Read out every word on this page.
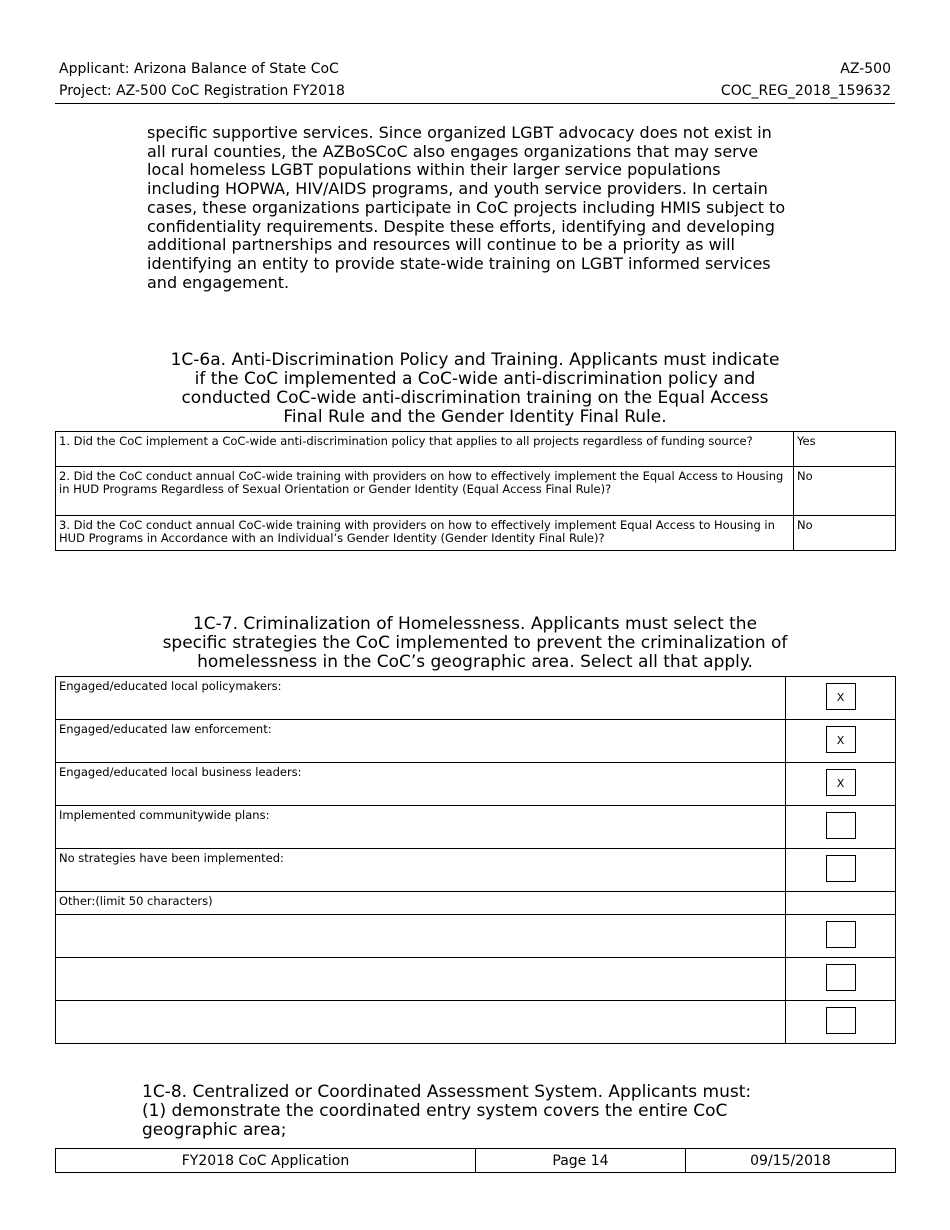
Applicant: Arizona Balance of State CoC
Project: AZ-500 CoC Registration FY2018
AZ-500
COC_REG_2018_159632
specific supportive services. Since organized LGBT advocacy does not exist in
all rural counties, the AZBoSCoC also engages organizations that may serve
local homeless LGBT populations within their larger service populations
including HOPWA, HIV/AIDS programs, and youth service providers. In certain
cases, these organizations participate in CoC projects including HMIS subject to
confidentiality requirements. Despite these efforts, identifying and developing
additional partnerships and resources will continue to be a priority as will
identifying an entity to provide state-wide training on LGBT informed services
and engagement.
1C-6a. Anti-Discrimination Policy and Training. Applicants must indicate
if the CoC implemented a CoC-wide anti-discrimination policy and
conducted CoC-wide anti-discrimination training on the Equal Access
Final Rule and the Gender Identity Final Rule.
1. Did the CoC implement a CoC-wide anti-discrimination policy that applies to all projects regardless of funding source?	Yes
2. Did the CoC conduct annual CoC-wide training with providers on how to effectively implement the Equal Access to Housing in HUD Programs Regardless of Sexual Orientation or Gender Identity (Equal Access Final Rule)?	No
3. Did the CoC conduct annual CoC-wide training with providers on how to effectively implement Equal Access to Housing in HUD Programs in Accordance with an Individual’s Gender Identity (Gender Identity Final Rule)?	No
1C-7. Criminalization of Homelessness. Applicants must select the
specific strategies the CoC implemented to prevent the criminalization of
homelessness in the CoC’s geographic area. Select all that apply.
Engaged/educated local policymakers:	X

Engaged/educated law enforcement:	X

Engaged/educated local business leaders:	X

Implemented communitywide plans:	

No strategies have been implemented:	

Other:(limit 50 characters)	

1C-8. Centralized or Coordinated Assessment System. Applicants must:
(1) demonstrate the coordinated entry system covers the entire CoC
geographic area;
FY2018 CoC Application	Page 14	09/15/2018
